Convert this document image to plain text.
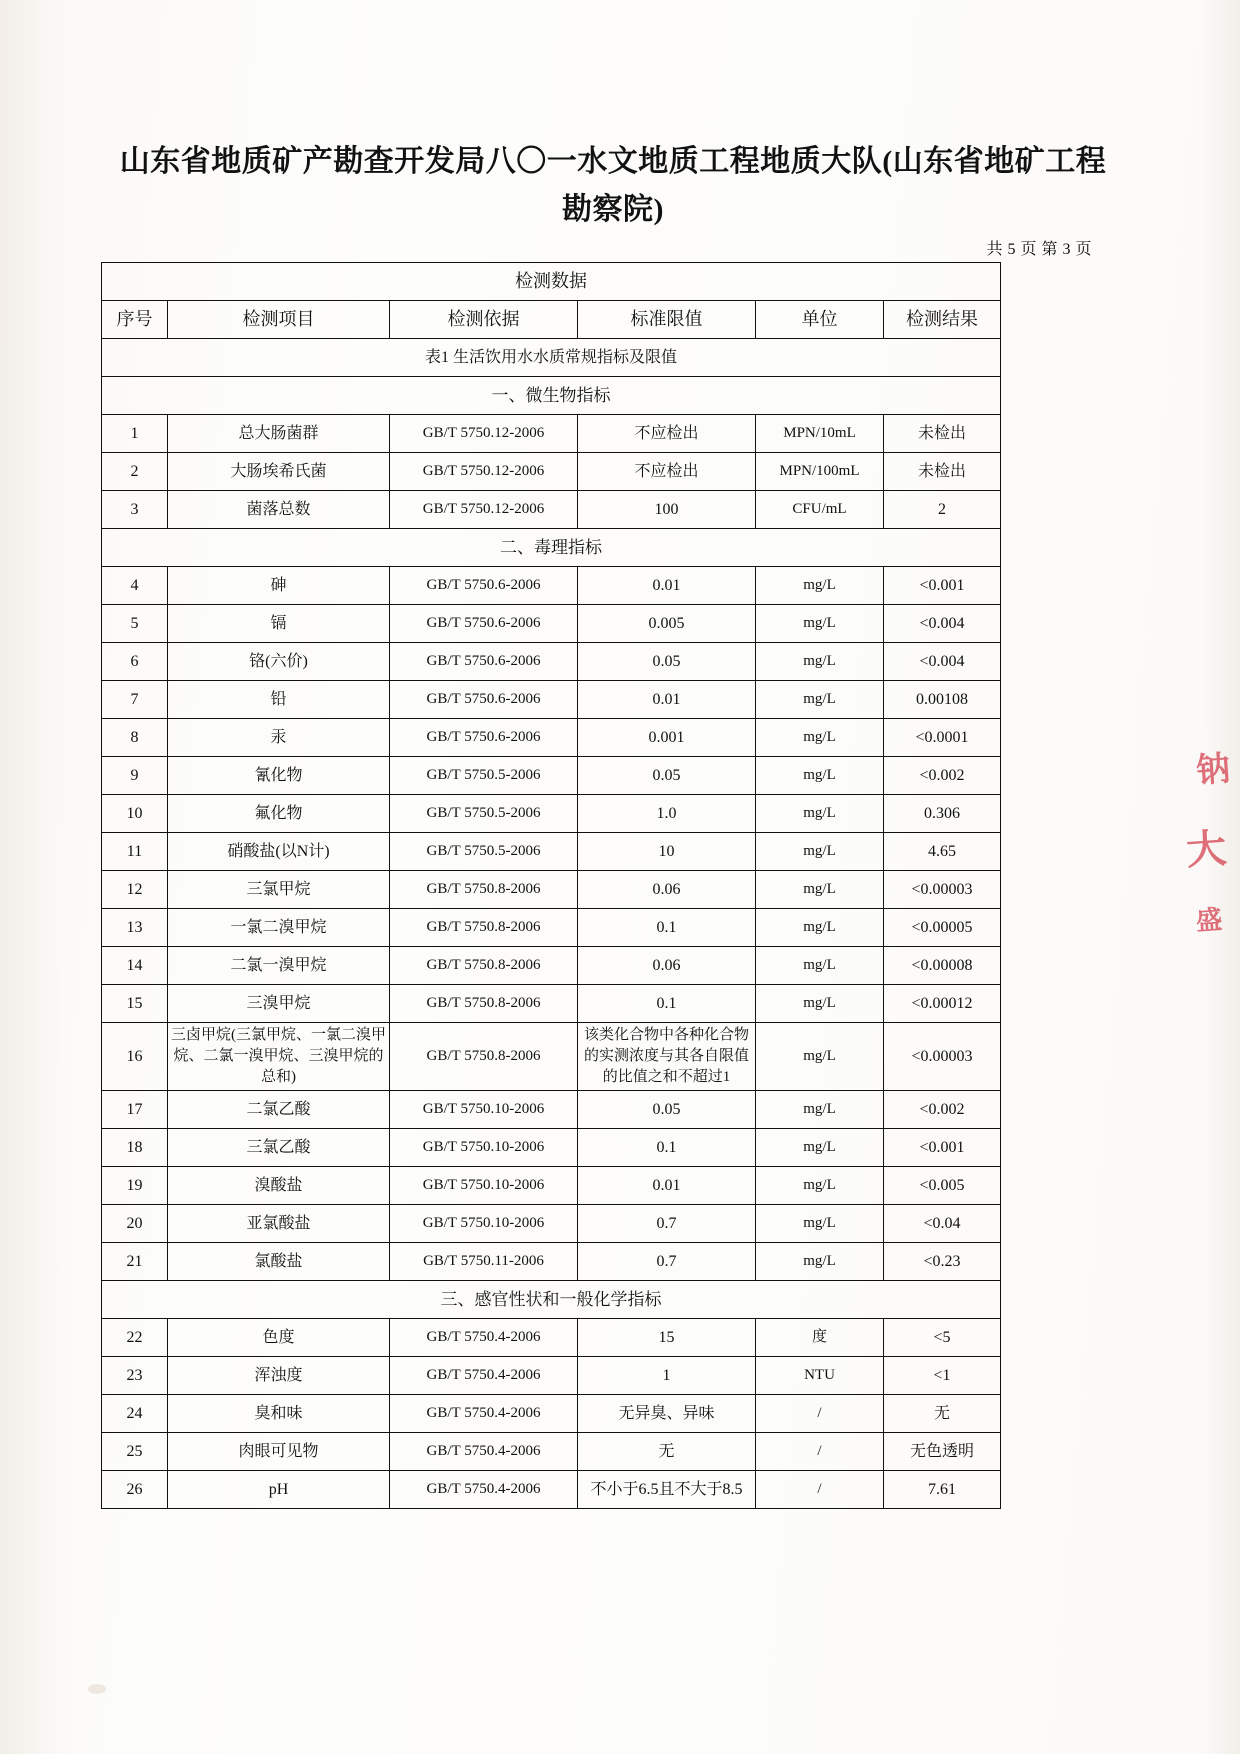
山东省地质矿产勘查开发局八〇一水文地质工程地质大队(山东省地矿工程勘察院)
共 5 页 第 3 页
检测数据					
序号	检测项目	检测依据	标准限值	单位	检测结果
表1 生活饮用水水质常规指标及限值					
一、微生物指标					
1	总大肠菌群	GB/T 5750.12-2006	不应检出	MPN/10mL	未检出
2	大肠埃希氏菌	GB/T 5750.12-2006	不应检出	MPN/100mL	未检出
3	菌落总数	GB/T 5750.12-2006	100	CFU/mL	2
二、毒理指标					
4	砷	GB/T 5750.6-2006	0.01	mg/L	<0.001
5	镉	GB/T 5750.6-2006	0.005	mg/L	<0.004
6	铬(六价)	GB/T 5750.6-2006	0.05	mg/L	<0.004
7	铅	GB/T 5750.6-2006	0.01	mg/L	0.00108
8	汞	GB/T 5750.6-2006	0.001	mg/L	<0.0001
9	氰化物	GB/T 5750.5-2006	0.05	mg/L	<0.002
10	氟化物	GB/T 5750.5-2006	1.0	mg/L	0.306
11	硝酸盐(以N计)	GB/T 5750.5-2006	10	mg/L	4.65
12	三氯甲烷	GB/T 5750.8-2006	0.06	mg/L	<0.00003
13	一氯二溴甲烷	GB/T 5750.8-2006	0.1	mg/L	<0.00005
14	二氯一溴甲烷	GB/T 5750.8-2006	0.06	mg/L	<0.00008
15	三溴甲烷	GB/T 5750.8-2006	0.1	mg/L	<0.00012
16	三卤甲烷(三氯甲烷、一氯二溴甲烷、二氯一溴甲烷、三溴甲烷的总和)	GB/T 5750.8-2006	该类化合物中各种化合物的实测浓度与其各自限值的比值之和不超过1	mg/L	<0.00003
17	二氯乙酸	GB/T 5750.10-2006	0.05	mg/L	<0.002
18	三氯乙酸	GB/T 5750.10-2006	0.1	mg/L	<0.001
19	溴酸盐	GB/T 5750.10-2006	0.01	mg/L	<0.005
20	亚氯酸盐	GB/T 5750.10-2006	0.7	mg/L	<0.04
21	氯酸盐	GB/T 5750.11-2006	0.7	mg/L	<0.23
三、感官性状和一般化学指标					
22	色度	GB/T 5750.4-2006	15	度	<5
23	浑浊度	GB/T 5750.4-2006	1	NTU	<1
24	臭和味	GB/T 5750.4-2006	无异臭、异味	/	无
25	肉眼可见物	GB/T 5750.4-2006	无	/	无色透明
26	pH	GB/T 5750.4-2006	不小于6.5且不大于8.5	/	7.61
钠
大
盛
